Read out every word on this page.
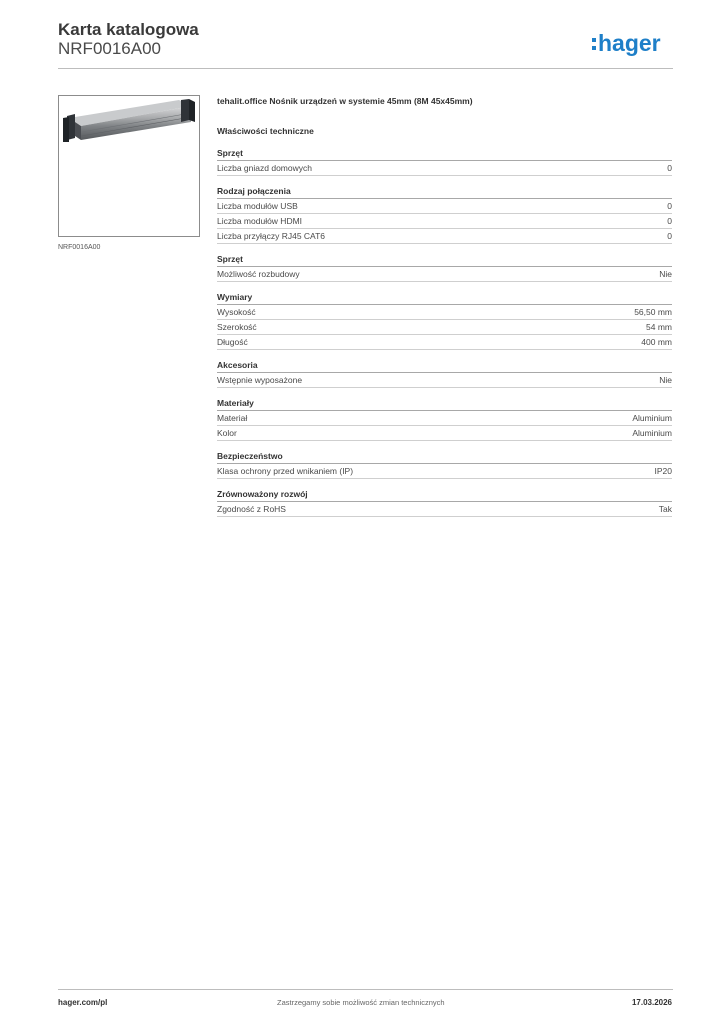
Karta katalogowa
NRF0016A00	hager
NRF0016A00
tehalit.office Nośnik urządzeń w systemie 45mm (8M 45x45mm)
Właściwości techniczne
Sprzęt
Liczba gniazd domowych	0
Rodzaj połączenia
Liczba modułów USB	0
Liczba modułów HDMI	0
Liczba przyłączy RJ45 CAT6	0
Sprzęt
Możliwość rozbudowy	Nie
Wymiary
Wysokość	56,50 mm
Szerokość	54 mm
Długość	400 mm
Akcesoria
Wstępnie wyposażone	Nie
Materiały
Materiał	Aluminium
Kolor	Aluminium
Bezpieczeństwo
Klasa ochrony przed wnikaniem (IP)	IP20
Zrównoważony rozwój
Zgodność z RoHS	Tak
hager.com/pl	Zastrzegamy sobie możliwość zmian technicznych	17.03.2026
